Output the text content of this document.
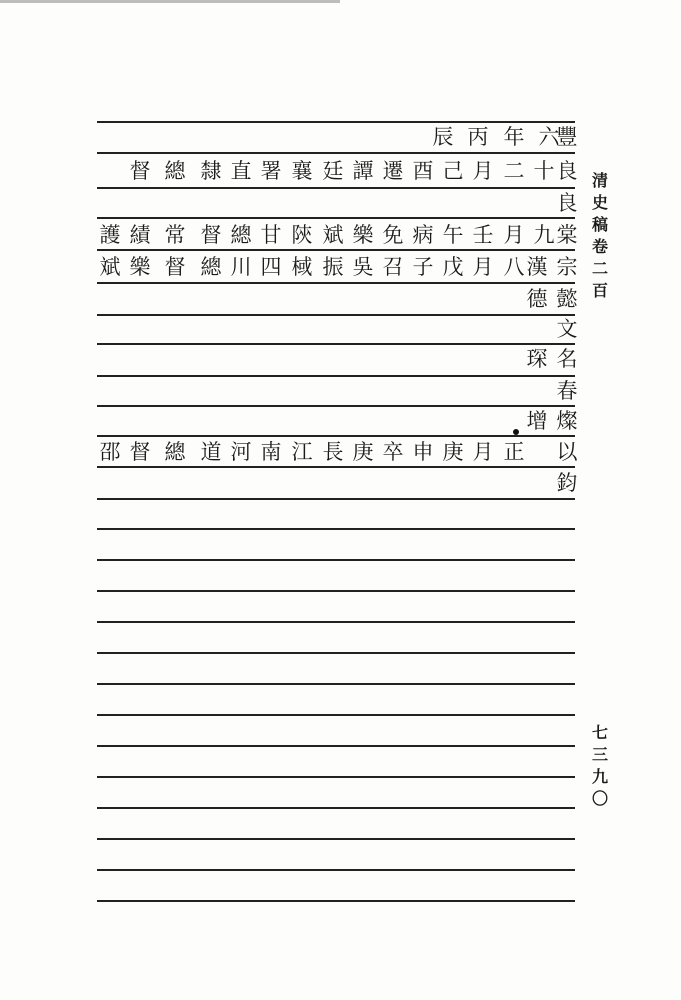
辰 丙 年 六
豐
督 總 隸 直 署 襄 廷 譚 遷 酉 己 月 二 十 良
良
護 績 常 督 總 甘 陝 斌 樂 免 病 午 壬 月 九 棠
斌 樂 督 總 川 四 棫 振 吳 召 子 戊 月 八 漢 宗
德 懿
文
琛 名
春
增 燦
邵 督 總 道 河 南 江 長 庚 卒 申 庚 月 正 以
鈞
清
史
稿
卷
二
百
七
三
九
〇
